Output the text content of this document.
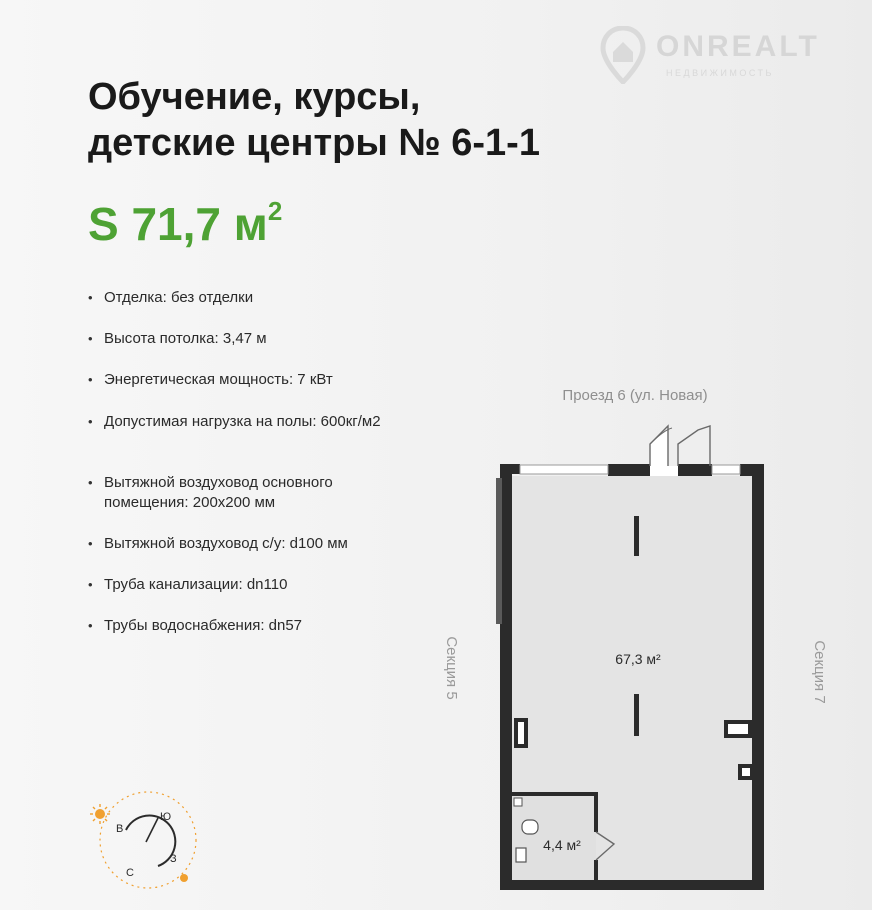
ONREALT
НЕДВИЖИМОСТЬ
Обучение, курсы,
детские центры № 6-1-1
S 71,7 $м^2$
• Отделка: без отделки
• Высота потолка: 3,47 м
• Энергетическая мощность: 7 кВт
• Допустимая нагрузка на полы: 600кг/м2
• Вытяжной воздуховод основного помещения: 200х200 мм
• Вытяжной воздуховод с/у: d100 мм
• Труба канализации: dn110
• Трубы водоснабжения: dn57
Проезд 6 (ул. Новая)
Секция 5	Секция 7
67,3 м²
4,4 м²
В
Ю
С
З
